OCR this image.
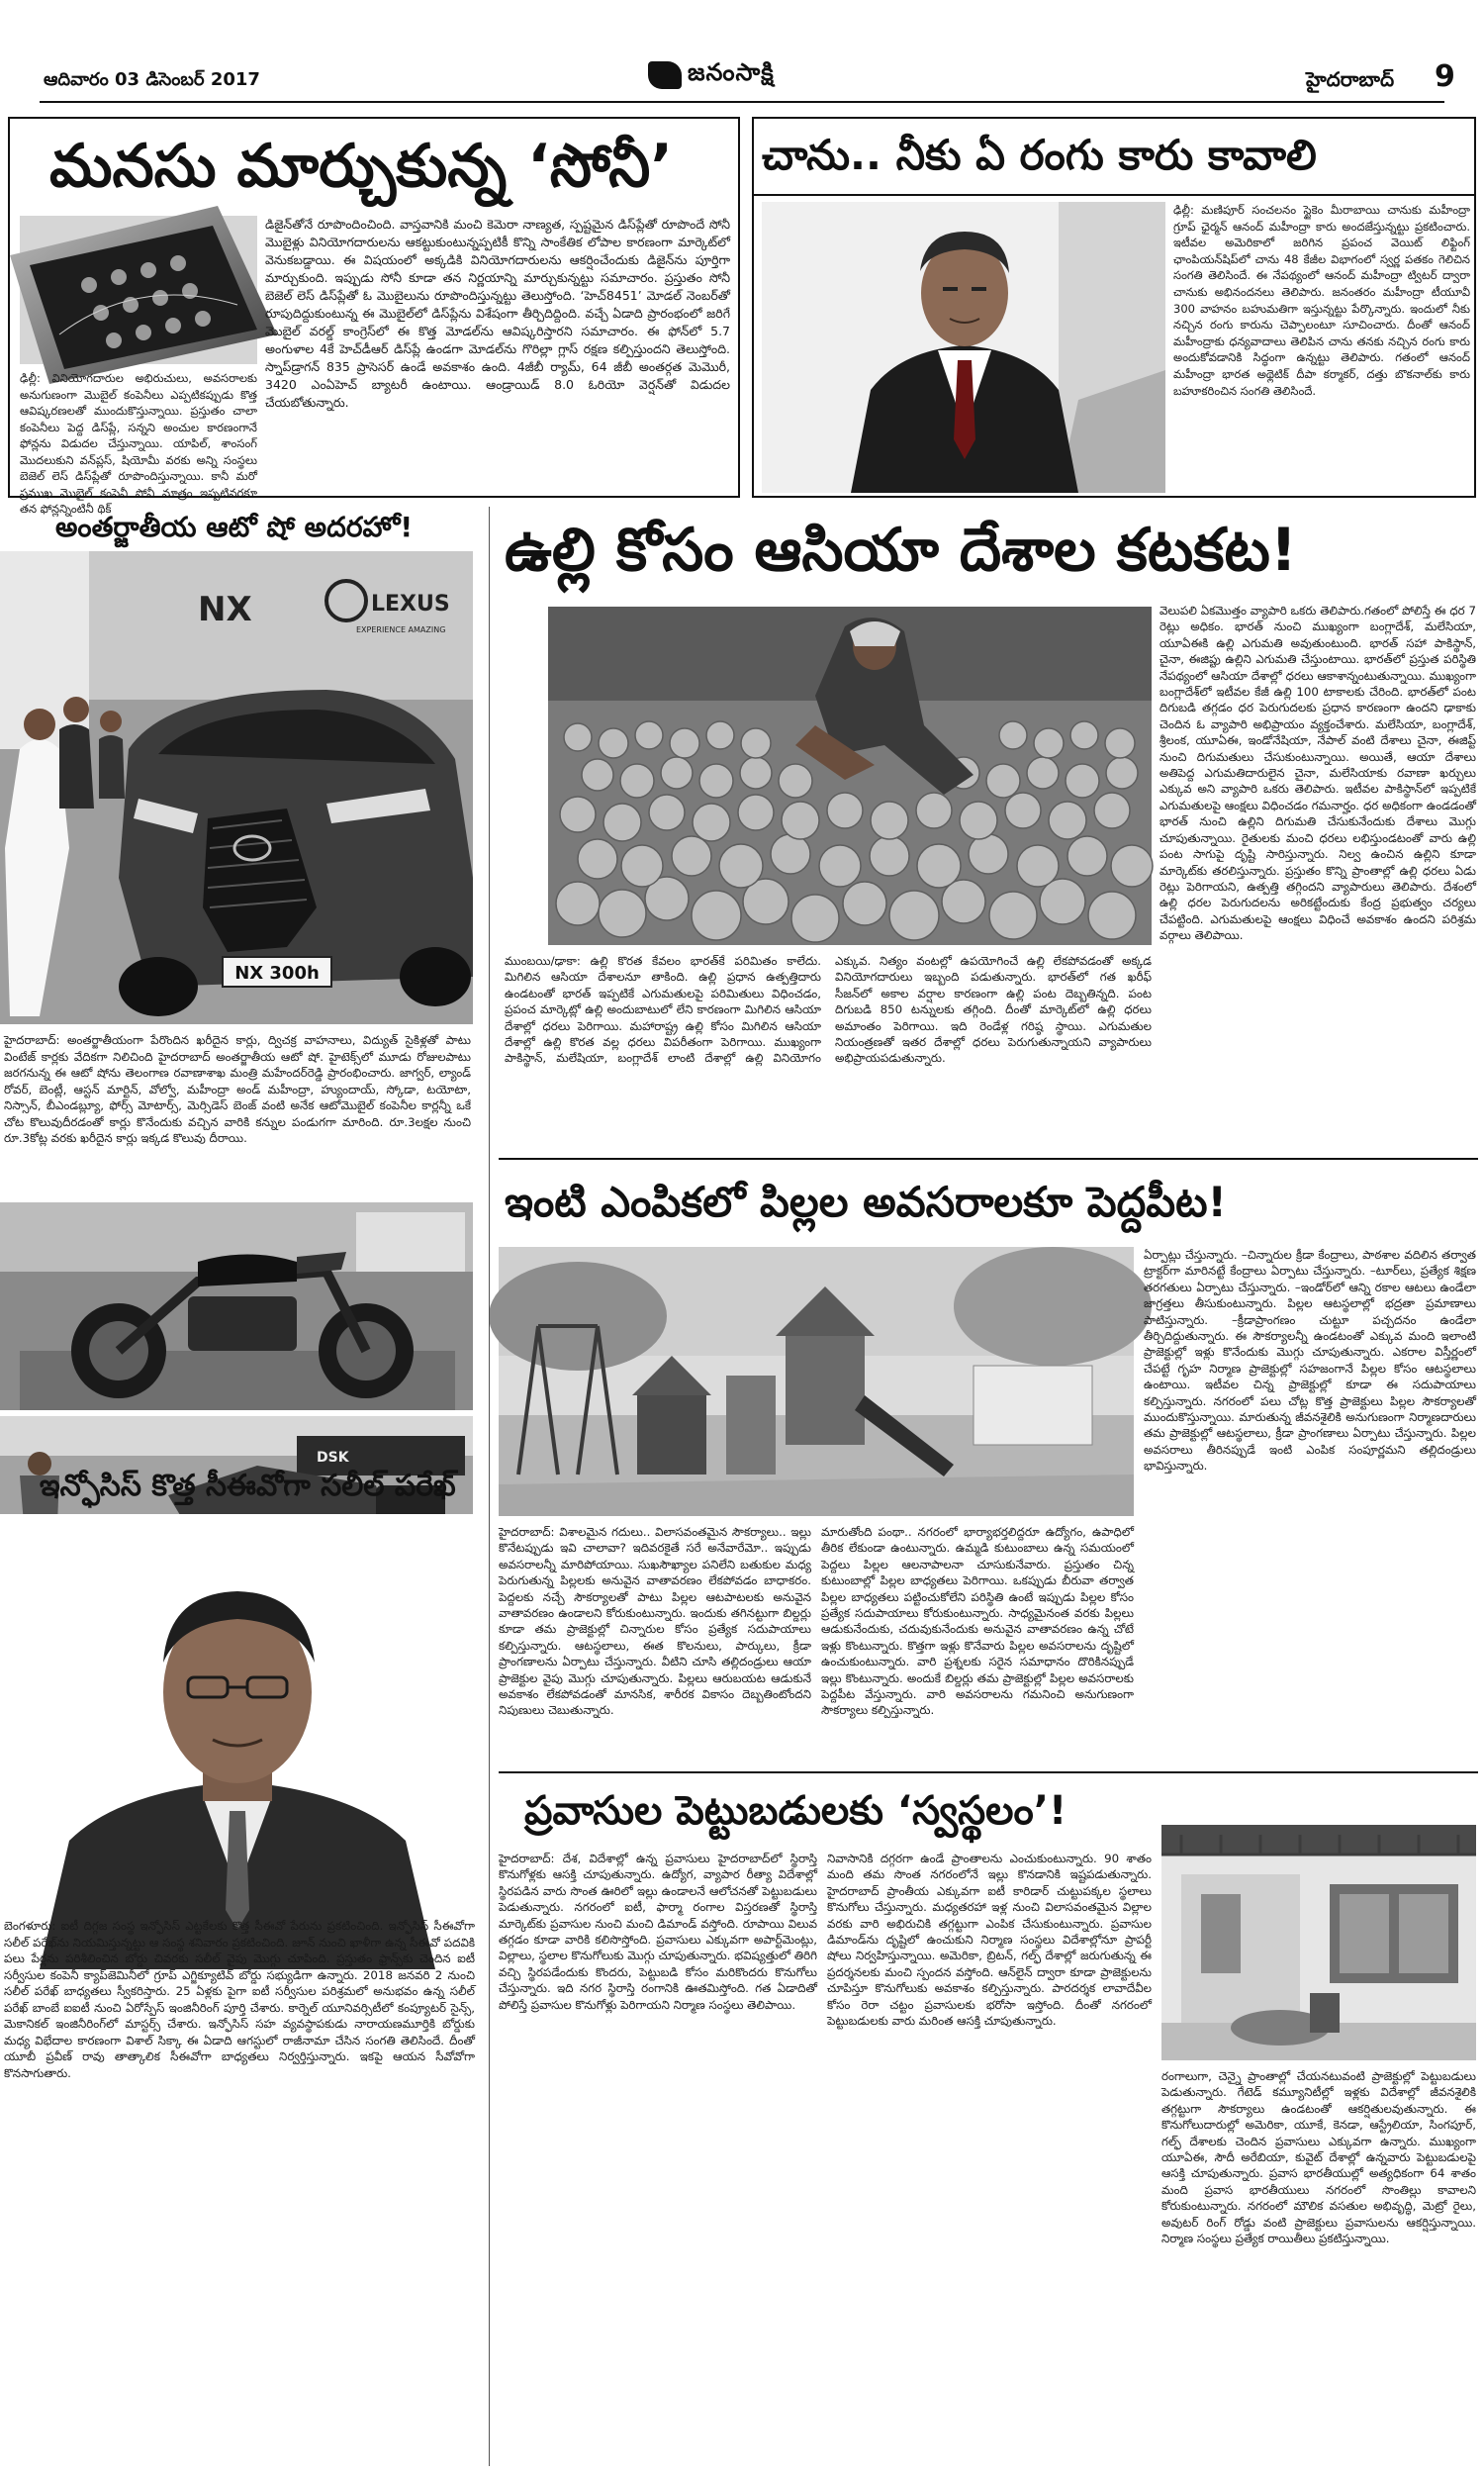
ఆదివారం 03 డిసెంబర్ 2017	జనంసాక్షి	హైదరాబాద్ 9
మనసు మార్చుకున్న ‘సోనీ’
డిజైన్‌తోనే రూపొందించింది. వాస్తవానికి మంచి కెమెరా నాణ్యత, స్పష్టమైన డిస్‌ప్లేతో రూపొందే సోనీ మొబైళ్లు వినియోగదారులను ఆకట్టుకుంటున్నప్పటికీ కొన్ని సాంకేతిక లోపాల కారణంగా మార్కెట్‌లో వెనుకబడ్డాయి. ఈ విషయంలో అక్కడికి వినియోగదారులను ఆకర్షించేందుకు డిజైన్‌ను పూర్తిగా మార్చుకుంది. ఇప్పుడు సోనీ కూడా తన నిర్ణయాన్ని మార్చుకున్నట్టు సమాచారం. ప్రస్తుతం సోనీ బెజెల్‌ లెస్‌ డిస్‌ప్లేతో ఓ మొబైలును రూపొందిస్తున్నట్టు తెలుస్తోంది. ‘హెచ్‌8451’ మోడల్‌ నెంబర్‌తో రూపుదిద్దుకుంటున్న ఈ మొబైల్‌లో డిస్‌ప్లేను విశేషంగా తీర్చిదిద్దింది. వచ్చే ఏడాది ప్రారంభంలో జరిగే మొబైల్‌ వరల్డ్‌ కాంగ్రెస్‌లో ఈ కొత్త మోడల్‌ను ఆవిష్కరిస్తారని సమాచారం. ఈ ఫోన్‌లో 5.7 అంగుళాల 4కే హెచ్‌డీఆర్‌ డిస్‌ప్లే ఉండగా మోడల్‌ను గొరిల్లా గ్లాస్‌ రక్షణ కల్పిస్తుందని తెలుస్తోంది. స్నాప్‌డ్రాగన్‌ 835 ప్రాసెసర్‌ ఉండే అవకాశం ఉంది. 4జీబీ ర్యామ్‌, 64 జీబీ అంతర్గత మెమొరీ, 3420 ఎంఏహెచ్‌ బ్యాటరీ ఉంటాయి. ఆండ్రాయిడ్‌ 8.0 ఓరియో వెర్షన్‌తో విడుదల చేయబోతున్నారు.
ఢిల్లీ: వినియోగదారుల అభిరుచులు, అవసరాలకు అనుగుణంగా మొబైల్‌ కంపెనీలు ఎప్పటికప్పుడు కొత్త ఆవిష్కరణలతో ముందుకొస్తున్నాయి. ప్రస్తుతం చాలా కంపెనీలు పెద్ద డిస్‌ప్లే, సన్నని అంచుల కారణంగానే ఫోన్లను విడుదల చేస్తున్నాయి. యాపిల్‌, శాంసంగ్‌ మొదలుకుని వన్‌ప్లస్‌, షియోమీ వరకు అన్ని సంస్థలు బెజెల్‌ లెస్‌ డిస్‌ప్లేతో రూపొందిస్తున్నాయి. కానీ మరో ప్రముఖ మొబైల్‌ కంపెనీ సోనీ మాత్రం ఇప్పటివరకూ తన ఫోన్లన్నింటినీ థిక్‌
చాను.. నీకు ఏ రంగు కారు కావాలి
ఢిల్లీ: మణిపూర్‌ సంచలనం స్టైకెం మీరాబాయి చానుకు మహీంద్రా గ్రూప్‌ ఛైర్మన్‌ ఆనంద్‌ మహీంద్రా కారు అందజేస్తున్నట్టు ప్రకటించారు. ఇటీవల అమెరికాలో జరిగిన ప్రపంచ వెయిట్‌ లిఫ్టింగ్‌ ఛాంపియన్‌షిప్‌లో చాను 48 కేజీల విభాగంలో స్వర్ణ పతకం గెలిచిన సంగతి తెలిసిందే. ఈ నేపథ్యంలో ఆనంద్‌ మహీంద్రా ట్విటర్‌ ద్వారా చానుకు అభినందనలు తెలిపారు. జనంతరం మహీంద్రా టీయూవీ 300 వాహనం బహుమతిగా ఇస్తున్నట్టు పేర్కొన్నారు. ఇందులో నీకు నచ్చిన రంగు కారును చెప్పాలంటూ సూచించారు. దీంతో ఆనంద్‌ మహీంద్రాకు ధన్యవాదాలు తెలిపిన చాను తనకు నచ్చిన రంగు కారు అందుకోవడానికి సిద్ధంగా ఉన్నట్టు తెలిపారు. గతంలో ఆనంద్‌ మహీంద్రా భారత అథ్లెటిక్‌ దీపా కర్మాకర్‌, దత్తు బొకనాల్‌కు కారు బహూకరించిన సంగతి తెలిసిందే.
అంతర్జాతీయ ఆటో షో అదరహో!
NX	LEXUS
EXPERIENCE AMAZING
NX 300h
హైదరాబాద్‌: అంతర్జాతీయంగా పేరొందిన ఖరీదైన కార్లు, ద్విచక్ర వాహనాలు, విద్యుత్‌ సైకిళ్లతో పాటు వింటేజ్‌ కార్లకు వేదికగా నిలిచింది హైదరాబాద్‌ అంతర్జాతీయ ఆటో షో. హైటెక్స్‌లో మూడు రోజులపాటు జరగనున్న ఈ ఆటో షోను తెలంగాణ రవాణాశాఖ మంత్రి మహేందర్‌రెడ్డి ప్రారంభించారు. జాగ్వర్‌, ల్యాండ్‌ రోవర్‌, బెంట్లీ, ఆస్టన్‌ మార్టిన్‌, వోల్వో, మహీంద్రా అండ్‌ మహీంద్రా, హ్యుందాయ్‌, స్కోడా, టయోటా, నిస్సాన్‌, బీఎండబ్ల్యూ, ఫోర్స్‌ మోటార్స్‌, మెర్సిడెస్‌ బెంజ్‌ వంటి అనేక ఆటోమొబైల్‌ కంపెనీల కార్లన్నీ ఒకే చోట కొలువుదీరడంతో కార్లు కొనేందుకు వచ్చిన వారికి కన్నుల పండుగగా మారింది. రూ.3లక్షల నుంచి రూ.3కోట్ల వరకు ఖరీదైన కార్లు ఇక్కడ కొలువు దీరాయి.
DSK
ఉల్లి కోసం ఆసియా దేశాల కటకట!
వెలుపలి ఏకమొత్తం వ్యాపారి ఒకరు తెలిపారు.గతంలో పోలిస్తే ఈ ధర 7 రెట్లు అధికం. భారత్‌ నుంచి ముఖ్యంగా బంగ్లాదేశ్‌, మలేసియా, యూఏఈకి ఉల్లి ఎగుమతి అవుతుంటుంది. భారత్‌ సహా పాకిస్థాన్‌, చైనా, ఈజిప్టు ఉల్లిని ఎగుమతి చేస్తుంటాయి. భారత్‌లో ప్రస్తుత పరిస్థితి నేపథ్యంలో ఆసియా దేశాల్లో ధరలు ఆకాశాన్నంటుతున్నాయి. ముఖ్యంగా బంగ్లాదేశ్‌లో ఇటీవల కేజీ ఉల్లి 100 టాకాలకు చేరింది. భారత్‌లో పంట దిగుబడి తగ్గడం ధర పెరుగుదలకు ప్రధాన కారణంగా ఉందని ఢాకాకు చెందిన ఓ వ్యాపారి అభిప్రాయం వ్యక్తంచేశారు. మలేసియా, బంగ్లాదేశ్‌, శ్రీలంక, యూఏఈ, ఇండోనేషియా, నేపాల్‌ వంటి దేశాలు చైనా, ఈజిప్ట్‌ నుంచి దిగుమతులు చేసుకుంటున్నాయి. అయితే, ఆయా దేశాలు అతిపెద్ద ఎగుమతిదారులైన చైనా, మలేసియాకు రవాణా ఖర్చులు ఎక్కువ అని వ్యాపారి ఒకరు తెలిపారు. ఇటీవల పాకిస్థాన్‌లో ఇప్పటికే ఎగుమతులపై ఆంక్షలు విధించడం గమనార్హం. ధర అధికంగా ఉండడంతో భారత్‌ నుంచి ఉల్లిని దిగుమతి చేసుకునేందుకు దేశాలు మొగ్గు చూపుతున్నాయి. రైతులకు మంచి ధరలు లభిస్తుండటంతో వారు ఉల్లి పంట సాగుపై దృష్టి సారిస్తున్నారు. నిల్వ ఉంచిన ఉల్లిని కూడా మార్కెట్‌కు తరలిస్తున్నారు. ప్రస్తుతం కొన్ని ప్రాంతాల్లో ఉల్లి ధరలు ఏడు రెట్లు పెరిగాయని, ఉత్పత్తి తగ్గిందని వ్యాపారులు తెలిపారు. దేశంలో ఉల్లి ధరల పెరుగుదలను అరికట్టేందుకు కేంద్ర ప్రభుత్వం చర్యలు చేపట్టింది. ఎగుమతులపై ఆంక్షలు విధించే అవకాశం ఉందని పరిశ్రమ వర్గాలు తెలిపాయి.
ముంబయి/ఢాకా: ఉల్లి కొరత కేవలం భారత్‌కే పరిమితం కాలేదు. మిగిలిన ఆసియా దేశాలనూ తాకింది. ఉల్లి ప్రధాన ఉత్పత్తిదారు ఉండటంతో భారత్‌ ఇప్పటికే ఎగుమతులపై పరిమితులు విధించడం, ప్రపంచ మార్కెట్లో ఉల్లి అందుబాటులో లేని కారణంగా మిగిలిన ఆసియా దేశాల్లో ధరలు పెరిగాయి. మహారాష్ట్ర ఉల్లి కోసం మిగిలిన ఆసియా దేశాల్లో ఉల్లి కొరత వల్ల ధరలు విపరీతంగా పెరిగాయి. ముఖ్యంగా పాకిస్థాన్‌, మలేషియా, బంగ్లాదేశ్‌ లాంటి దేశాల్లో ఉల్లి వినియోగం ఎక్కువ. నిత్యం వంటల్లో ఉపయోగించే ఉల్లి లేకపోవడంతో అక్కడ వినియోగదారులు ఇబ్బంది పడుతున్నారు. భారత్‌లో గత ఖరీఫ్‌ సీజన్‌లో అకాల వర్షాల కారణంగా ఉల్లి పంట దెబ్బతిన్నది. పంట దిగుబడి 850 టన్నులకు తగ్గింది. దీంతో మార్కెట్‌లో ఉల్లి ధరలు అమాంతం పెరిగాయి. ఇది రెండేళ్ల గరిష్ఠ స్థాయి. ఎగుమతుల నియంత్రణతో ఇతర దేశాల్లో ధరలు పెరుగుతున్నాయని వ్యాపారులు అభిప్రాయపడుతున్నారు.
ఇంటి ఎంపికలో పిల్లల అవసరాలకూ పెద్దపీట!
హైదరాబాద్‌: విశాలమైన గదులు.. విలాసవంతమైన సౌకర్యాలు.. ఇల్లు కొనేటప్పుడు ఇవి చాలావా? ఇదివరకైతే సరే అనేవారేమో.. ఇప్పుడు అవసరాలన్నీ మారిపోయాయి. సుఖసౌఖ్యాల పనిలేని బతుకుల మధ్య పెరుగుతున్న పిల్లలకు అనువైన వాతావరణం లేకపోవడం బాధాకరం. పెద్దలకు నచ్చే సౌకర్యాలతో పాటు పిల్లల ఆటపాటలకు అనువైన వాతావరణం ఉండాలని కోరుకుంటున్నారు. ఇందుకు తగినట్టుగా బిల్డర్లు కూడా తమ ప్రాజెక్టుల్లో చిన్నారుల కోసం ప్రత్యేక సదుపాయాలు కల్పిస్తున్నారు. ఆటస్థలాలు, ఈత కొలనులు, పార్కులు, క్రీడా ప్రాంగణాలను ఏర్పాటు చేస్తున్నారు. వీటిని చూసి తల్లిదండ్రులు ఆయా ప్రాజెక్టుల వైపు మొగ్గు చూపుతున్నారు. పిల్లలు ఆరుబయట ఆడుకునే అవకాశం లేకపోవడంతో మానసిక, శారీరక వికాసం దెబ్బతింటోందని నిపుణులు చెబుతున్నారు.
మారుతోంది పంథా.. నగరంలో భార్యాభర్తలిద్దరూ ఉద్యోగం, ఉపాధిలో తీరిక లేకుండా ఉంటున్నారు. ఉమ్మడి కుటుంబాలు ఉన్న సమయంలో పెద్దలు పిల్లల ఆలనాపాలనా చూసుకునేవారు. ప్రస్తుతం చిన్న కుటుంబాల్లో పిల్లల బాధ్యతలు పెరిగాయి. ఒకప్పుడు బీరువా తర్వాత పిల్లల బాధ్యతలు పట్టించుకోలేని పరిస్థితి ఉంటే ఇప్పుడు పిల్లల కోసం ప్రత్యేక సదుపాయాలు కోరుకుంటున్నారు. సాధ్యమైనంత వరకు పిల్లలు ఆడుకునేందుకు, చదువుకునేందుకు అనువైన వాతావరణం ఉన్న చోటే ఇళ్లు కొంటున్నారు. కొత్తగా ఇళ్లు కొనేవారు పిల్లల అవసరాలను దృష్టిలో ఉంచుకుంటున్నారు. వారి ప్రశ్నలకు సరైన సమాధానం దొరికినప్పుడే ఇల్లు కొంటున్నారు. అందుకే బిల్డర్లు తమ ప్రాజెక్టుల్లో పిల్లల అవసరాలకు పెద్దపీట వేస్తున్నారు. వారి అవసరాలను గమనించి అనుగుణంగా సౌకర్యాలు కల్పిస్తున్నారు.
ఏర్పాట్లు చేస్తున్నారు. –చిన్నారుల క్రీడా కేంద్రాలు, పాఠశాల వదిలిన తర్వాత ట్రాక్టర్‌గా మారినట్టే కేంద్రాలు ఏర్పాటు చేస్తున్నారు. –టూర్‌లు, ప్రత్యేక శిక్షణ తరగతులు ఏర్పాటు చేస్తున్నారు. –ఇండోర్‌లో ఆన్ని రకాల ఆటలు ఉండేలా జాగ్రత్తలు తీసుకుంటున్నారు. పిల్లల ఆటస్థలాల్లో భద్రతా ప్రమాణాలు పాటిస్తున్నారు. –క్రీడాప్రాంగణం చుట్టూ పచ్చదనం ఉండేలా తీర్చిదిద్దుతున్నారు. ఈ సౌకర్యాలన్నీ ఉండటంతో ఎక్కువ మంది ఇలాంటి ప్రాజెక్టుల్లో ఇళ్లు కొనేందుకు మొగ్గు చూపుతున్నారు. ఎకరాల విస్తీర్ణంలో చేపట్టే గృహ నిర్మాణ ప్రాజెక్టుల్లో సహజంగానే పిల్లల కోసం ఆటస్థలాలు ఉంటాయి. ఇటీవల చిన్న ప్రాజెక్టుల్లో కూడా ఈ సదుపాయాలు కల్పిస్తున్నారు. నగరంలో పలు చోట్ల కొత్త ప్రాజెక్టులు పిల్లల సౌకర్యాలతో ముందుకొస్తున్నాయి. మారుతున్న జీవనశైలికి అనుగుణంగా నిర్మాణదారులు తమ ప్రాజెక్టుల్లో ఆటస్థలాలు, క్రీడా ప్రాంగణాలు ఏర్పాటు చేస్తున్నారు. పిల్లల అవసరాలు తీరినప్పుడే ఇంటి ఎంపిక సంపూర్ణమని తల్లిదండ్రులు భావిస్తున్నారు.
ఇన్ఫోసిస్‌ కొత్త సీఈవోగా సలీల్‌ పరేఖ్‌
బెంగళూరు: ఐటీ దిగ్గజ సంస్థ ఇన్ఫోసిస్‌ ఎట్టకేలకు కొత్త సీఈవో పేరును ప్రకటించింది. ఇన్ఫోసిస్‌ సీఈవోగా సలీల్‌ పరేఖ్‌ను నియమిస్తున్నట్టు ఆ సంస్థ శనివారం ప్రకటించింది. జూన్‌ నుంచి ఖాళీగా ఉన్న సీఈవో పదవికి పలు పేర్లను పరిశీలించిన బోర్డు చివరకు సలీల్‌ వైపు మొగ్గు చూపింది. ప్రస్తుతం ఫ్రాన్స్‌కు చెందిన ఐటీ సర్వీసుల కంపెనీ క్యాప్‌జెమినీలో గ్రూప్‌ ఎగ్జిక్యూటివ్‌ బోర్డు సభ్యుడిగా ఉన్నారు. 2018 జనవరి 2 నుంచి సలీల్‌ పరేఖ్‌ బాధ్యతలు స్వీకరిస్తారు. 25 ఏళ్లకు పైగా ఐటీ సర్వీసుల పరిశ్రమలో అనుభవం ఉన్న సలీల్‌ పరేఖ్‌ బాంబే ఐఐటీ నుంచి ఏరోస్పేస్‌ ఇంజినీరింగ్‌ పూర్తి చేశారు. కార్నెల్‌ యూనివర్సిటీలో కంప్యూటర్‌ సైన్స్‌, మెకానికల్‌ ఇంజినీరింగ్‌లో మాస్టర్స్‌ చేశారు. ఇన్ఫోసిస్‌ సహ వ్యవస్థాపకుడు నారాయణమూర్తికి బోర్డుకు మధ్య విభేదాల కారణంగా విశాల్‌ సిక్కా ఈ ఏడాది ఆగస్టులో రాజీనామా చేసిన సంగతి తెలిసిందే. దీంతో యూబీ ప్రవీణ్‌ రావు తాత్కాలిక సీఈవోగా బాధ్యతలు నిర్వర్తిస్తున్నారు. ఇకపై ఆయన సీవోవోగా కొనసాగుతారు.
ప్రవాసుల పెట్టుబడులకు ‘స్వస్థలం’!
హైదరాబాద్‌: దేశ, విదేశాల్లో ఉన్న ప్రవాసులు హైదరాబాద్‌లో స్థిరాస్తి కొనుగోళ్లకు ఆసక్తి చూపుతున్నారు. ఉద్యోగ, వ్యాపార రీత్యా విదేశాల్లో స్థిరపడిన వారు సొంత ఊరిలో ఇల్లు ఉండాలనే ఆలోచనతో పెట్టుబడులు పెడుతున్నారు. నగరంలో ఐటీ, ఫార్మా రంగాల విస్తరణతో స్థిరాస్తి మార్కెట్‌కు ప్రవాసుల నుంచి మంచి డిమాండ్‌ వస్తోంది. రూపాయి విలువ తగ్గడం కూడా వారికి కలిసొస్తోంది. ప్రవాసులు ఎక్కువగా అపార్ట్‌మెంట్లు, విల్లాలు, స్థలాల కొనుగోలుకు మొగ్గు చూపుతున్నారు. భవిష్యత్తులో తిరిగి వచ్చి స్థిరపడేందుకు కొందరు, పెట్టుబడి కోసం మరికొందరు కొనుగోలు చేస్తున్నారు. ఇది నగర స్థిరాస్తి రంగానికి ఊతమిస్తోంది. గత ఏడాదితో పోలిస్తే ప్రవాసుల కొనుగోళ్లు పెరిగాయని నిర్మాణ సంస్థలు తెలిపాయి.
నివాసానికి దగ్గరగా ఉండే ప్రాంతాలను ఎంచుకుంటున్నారు. 90 శాతం మంది తమ సొంత నగరంలోనే ఇల్లు కొనడానికి ఇష్టపడుతున్నారు. హైదరాబాద్‌ ప్రాంతీయ ఎక్కువగా ఐటీ కారిడార్‌ చుట్టుపక్కల స్థలాలు కొనుగోలు చేస్తున్నారు. మధ్యతరహా ఇళ్ల నుంచి విలాసవంతమైన విల్లాల వరకు వారి అభిరుచికి తగ్గట్టుగా ఎంపిక చేసుకుంటున్నారు. ప్రవాసుల డిమాండ్‌ను దృష్టిలో ఉంచుకుని నిర్మాణ సంస్థలు విదేశాల్లోనూ ప్రాపర్టీ షోలు నిర్వహిస్తున్నాయి. అమెరికా, బ్రిటన్‌, గల్ఫ్‌ దేశాల్లో జరుగుతున్న ఈ ప్రదర్శనలకు మంచి స్పందన వస్తోంది. ఆన్‌లైన్‌ ద్వారా కూడా ప్రాజెక్టులను చూపిస్తూ కొనుగోలుకు అవకాశం కల్పిస్తున్నారు. పారదర్శక లావాదేవీల కోసం రెరా చట్టం ప్రవాసులకు భరోసా ఇస్తోంది. దీంతో నగరంలో పెట్టుబడులకు వారు మరింత ఆసక్తి చూపుతున్నారు.
రంగాలుగా, చెన్నై ప్రాంతాల్లో చేయనటువంటి ప్రాజెక్టుల్లో పెట్టుబడులు పెడుతున్నారు. గేటెడ్‌ కమ్యూనిటీల్లో ఇళ్లకు విదేశాల్లో జీవనశైలికి తగ్గట్టుగా సౌకర్యాలు ఉండటంతో ఆకర్షితులవుతున్నారు. ఈ కొనుగోలుదారుల్లో అమెరికా, యూకే, కెనడా, ఆస్ట్రేలియా, సింగపూర్‌, గల్ఫ్‌ దేశాలకు చెందిన ప్రవాసులు ఎక్కువగా ఉన్నారు. ముఖ్యంగా యూఏఈ, సౌదీ అరేబియా, కువైట్‌ దేశాల్లో ఉన్నవారు పెట్టుబడులపై ఆసక్తి చూపుతున్నారు. ప్రవాస భారతీయుల్లో అత్యధికంగా 64 శాతం మంది ప్రవాస భారతీయులు నగరంలో సొంతిల్లు కావాలని కోరుకుంటున్నారు. నగరంలో మౌలిక వసతుల అభివృద్ధి, మెట్రో రైలు, అవుటర్‌ రింగ్‌ రోడ్డు వంటి ప్రాజెక్టులు ప్రవాసులను ఆకర్షిస్తున్నాయి. నిర్మాణ సంస్థలు ప్రత్యేక రాయితీలు ప్రకటిస్తున్నాయి.
